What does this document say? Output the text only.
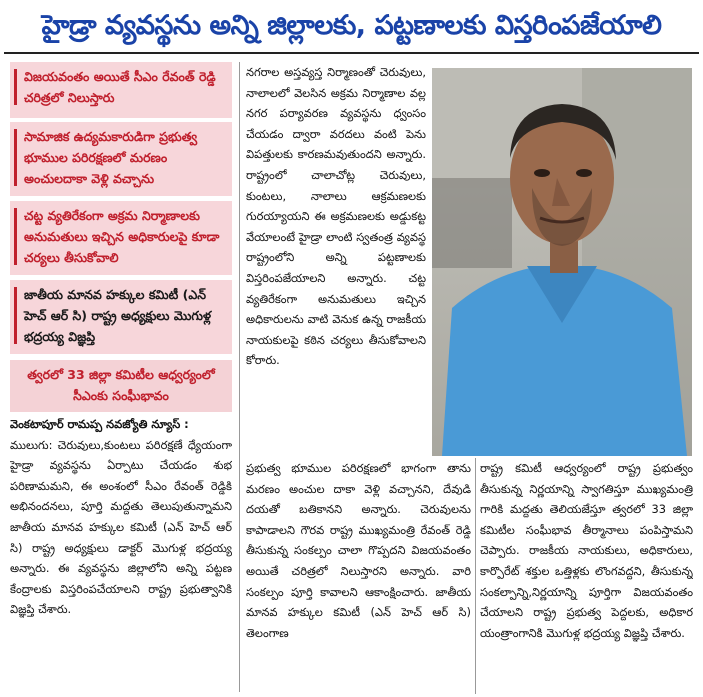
హైడ్రా వ్యవస్థను అన్ని జిల్లాలకు, పట్టణాలకు విస్తరింపజేయాలి
విజయవంతం అయితే సీఎం రేవంత్ రెడ్డి చరిత్రలో నిలుస్తారు
సామాజిక ఉద్యమకారుడిగా ప్రభుత్వ భూముల పరిరక్షణలో మరణం అంచులదాకా వెళ్లి వచ్చాను
చట్ట వ్యతిరేకంగా అక్రమ నిర్మాణాలకు అనుమతులు ఇచ్చిన అధికారులపై కూడా చర్యలు తీసుకోవాలి
జాతీయ మానవ హక్కుల కమిటీ (ఎన్ హెచ్ ఆర్ సి) రాష్ట్ర అధ్యక్షులు మొగుళ్ల భద్రయ్య విజ్ఞప్తి
త్వరలో 33 జిల్లా కమిటీల ఆధ్వర్యంలో సీఎంకు సంఘీభావం

వెంకటాపూర్ రామప్ప నవజ్యోతి న్యూస్ :

ములుగు: చెరువులు,కుంటలు పరిరక్షణే ధ్యేయంగా హైడ్రా వ్యవస్థను ఏర్పాటు చేయడం శుభ పరిణామమని, ఈ అంశంలో సీఎం రేవంత్ రెడ్డికి అభినందనలు, పూర్తి మద్దతు తెలుపుతున్నామని జాతీయ మానవ హక్కుల కమిటీ (ఎన్ హెచ్ ఆర్ సి) రాష్ట్ర అధ్యక్షులు డాక్టర్ మొగుళ్ల భద్రయ్య అన్నారు. ఈ వ్యవస్థను జిల్లాలోని అన్ని పట్టణ కేంద్రాలకు విస్తరింపచేయాలని రాష్ట్ర ప్రభుత్వానికి విజ్ఞప్తి చేశారు.

నగరాల అస్తవ్యస్త నిర్మాణంతో చెరువులు, నాలాలలో వెలసిన అక్రమ నిర్మాణాల వల్ల నగర పర్యావరణ వ్యవస్థను ధ్వంసం చేయడం ద్వారా వరదలు వంటి పెను విపత్తులకు కారణమవుతుందని అన్నారు. రాష్ట్రంలో చాలాచోట్ల చెరువులు, కుంటలు, నాలాలు ఆక్రమణలకు గురయ్యాయని ఈ అక్రమణలకు అడ్డుకట్ట వేయాలంటే హైడ్రా లాంటి స్వతంత్ర వ్యవస్థ రాష్ట్రంలోని అన్ని పట్టణాలకు విస్తరింపజేయాలని అన్నారు. చట్ట వ్యతిరేకంగా అనుమతులు ఇచ్చిన అధికారులను వాటి వెనుక ఉన్న రాజకీయ నాయకులపై కఠిన చర్యలు తీసుకోవాలని కోరారు.

ప్రభుత్వ భూముల పరిరక్షణలో భాగంగా తాను మరణం అంచుల దాకా వెళ్లి వచ్చానని, దేవుడి దయతో బతికానని అన్నారు. చెరువులను కాపాడాలని గౌరవ రాష్ట్ర ముఖ్యమంత్రి రేవంత్ రెడ్డి తీసుకున్న సంకల్పం చాలా గొప్పదని విజయవంతం అయితే చరిత్రలో నిలుస్తారని అన్నారు. వారి సంకల్పం పూర్తి కావాలని ఆకాంక్షించారు. జాతీయ మానవ హక్కుల కమిటీ (ఎన్ హెచ్ ఆర్ సి) తెలంగాణ

రాష్ట్ర కమిటీ ఆధ్వర్యంలో రాష్ట్ర ప్రభుత్వం తీసుకున్న నిర్ణయాన్ని స్వాగతిస్తూ ముఖ్యమంత్రి గారికి మద్దతు తెలియజేస్తూ త్వరలో 33 జిల్లా కమిటీల సంఘీభావ తీర్మానాలు పంపిస్తామని చెప్పారు. రాజకీయ నాయకులు, అధికారులు, కార్పొరేట్ శక్తుల ఒత్తిళ్లకు లొంగవద్దని, తీసుకున్న సంకల్పాన్ని,నిర్ణయాన్ని పూర్తిగా విజయవంతం చేయాలని రాష్ట్ర ప్రభుత్వ పెద్దలకు, అధికార యంత్రాంగానికి మొగుళ్ల భద్రయ్య విజ్ఞప్తి చేశారు.
